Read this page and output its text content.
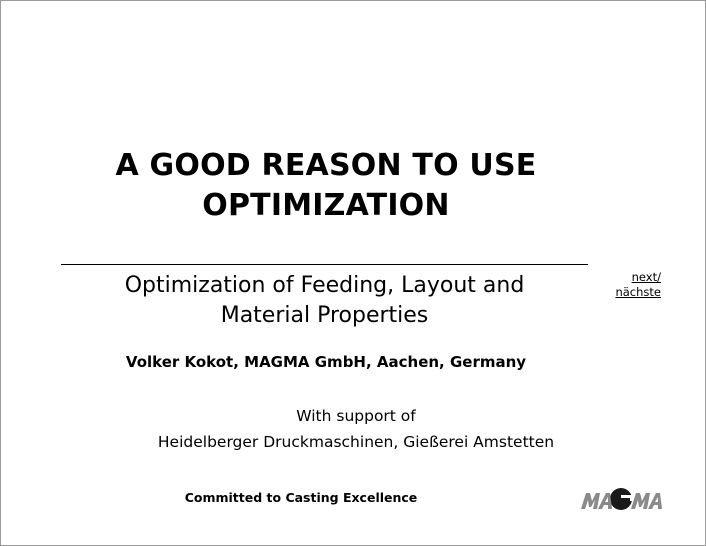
A GOOD REASON TO USE
OPTIMIZATION
Optimization of Feeding, Layout and
Material Properties
Volker Kokot, MAGMA GmbH, Aachen, Germany
With support of
Heidelberger Druckmaschinen, Gießerei Amstetten
Committed to Casting Excellence
next/
nächste
